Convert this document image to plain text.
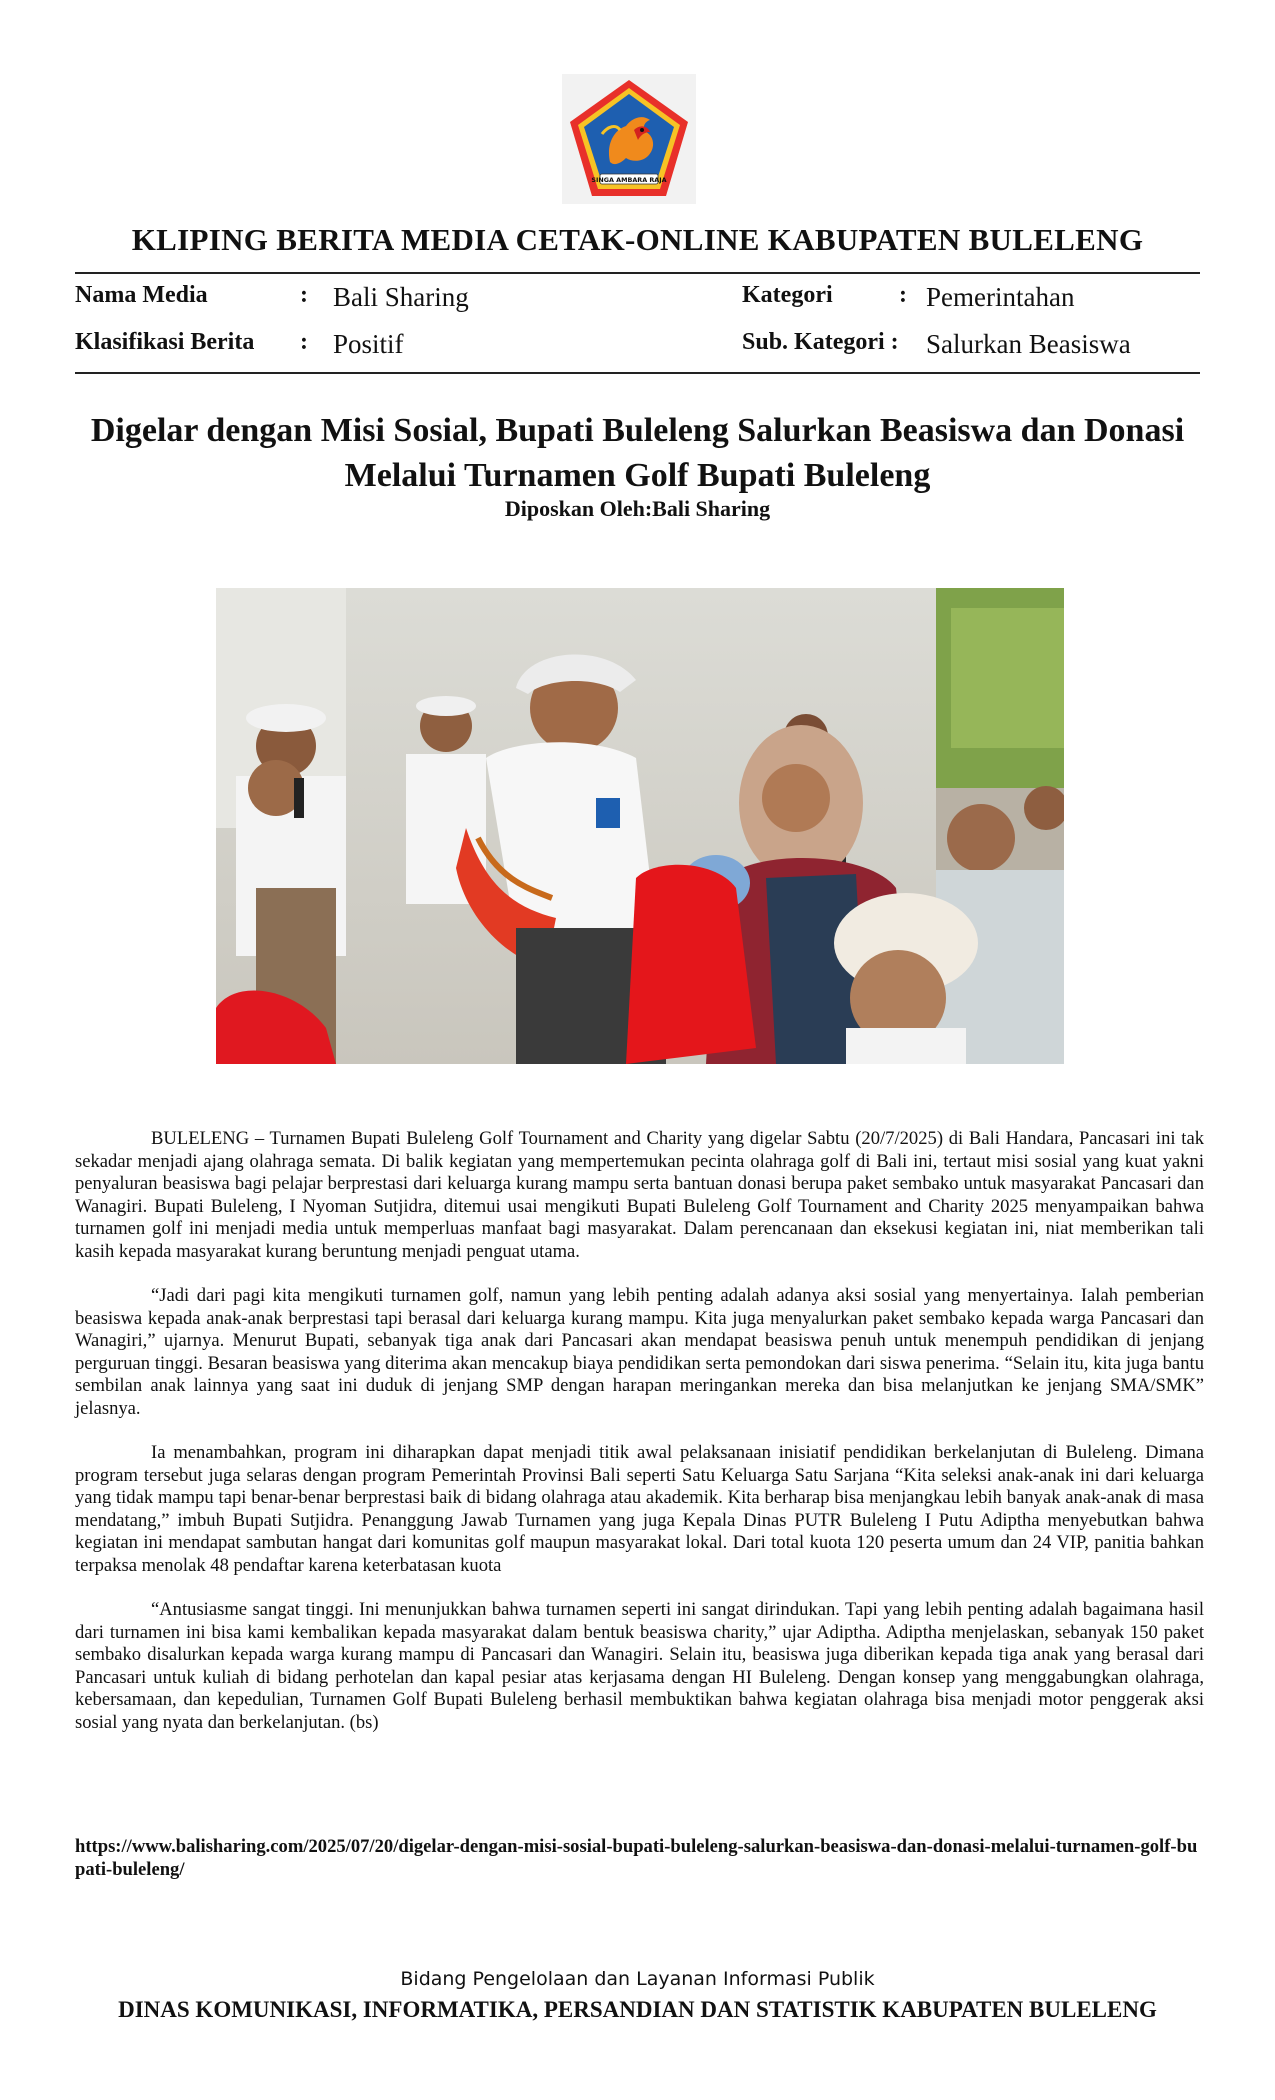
SINGA AMBARA RAJA
KLIPING BERITA MEDIA CETAK-ONLINE KABUPATEN BULELENG
Nama Media	: Bali Sharing	Kategori	: Pemerintahan
Klasifikasi Berita : Positif	Sub. Kategori : Salurkan Beasiswa
Digelar dengan Misi Sosial, Bupati Buleleng Salurkan Beasiswa dan Donasi Melalui Turnamen Golf Bupati Buleleng
Diposkan Oleh:Bali Sharing

BULELENG – Turnamen Bupati Buleleng Golf Tournament and Charity yang digelar Sabtu (20/7/2025) di Bali Handara, Pancasari ini tak sekadar menjadi ajang olahraga semata. Di balik kegiatan yang mempertemukan pecinta olahraga golf di Bali ini, tertaut misi sosial yang kuat yakni penyaluran beasiswa bagi pelajar berprestasi dari keluarga kurang mampu serta bantuan donasi berupa paket sembako untuk masyarakat Pancasari dan Wanagiri. Bupati Buleleng, I Nyoman Sutjidra, ditemui usai mengikuti Bupati Buleleng Golf Tournament and Charity 2025 menyampaikan bahwa turnamen golf ini menjadi media untuk memperluas manfaat bagi masyarakat. Dalam perencanaan dan eksekusi kegiatan ini, niat memberikan tali kasih kepada masyarakat kurang beruntung menjadi penguat utama.

“Jadi dari pagi kita mengikuti turnamen golf, namun yang lebih penting adalah adanya aksi sosial yang menyertainya. Ialah pemberian beasiswa kepada anak-anak berprestasi tapi berasal dari keluarga kurang mampu. Kita juga menyalurkan paket sembako kepada warga Pancasari dan Wanagiri,” ujarnya. Menurut Bupati, sebanyak tiga anak dari Pancasari akan mendapat beasiswa penuh untuk menempuh pendidikan di jenjang perguruan tinggi. Besaran beasiswa yang diterima akan mencakup biaya pendidikan serta pemondokan dari siswa penerima. “Selain itu, kita juga bantu sembilan anak lainnya yang saat ini duduk di jenjang SMP dengan harapan meringankan mereka dan bisa melanjutkan ke jenjang SMA/SMK” jelasnya.

Ia menambahkan, program ini diharapkan dapat menjadi titik awal pelaksanaan inisiatif pendidikan berkelanjutan di Buleleng. Dimana program tersebut juga selaras dengan program Pemerintah Provinsi Bali seperti Satu Keluarga Satu Sarjana “Kita seleksi anak-anak ini dari keluarga yang tidak mampu tapi benar-benar berprestasi baik di bidang olahraga atau akademik. Kita berharap bisa menjangkau lebih banyak anak-anak di masa mendatang,” imbuh Bupati Sutjidra. Penanggung Jawab Turnamen yang juga Kepala Dinas PUTR Buleleng I Putu Adiptha menyebutkan bahwa kegiatan ini mendapat sambutan hangat dari komunitas golf maupun masyarakat lokal. Dari total kuota 120 peserta umum dan 24 VIP, panitia bahkan terpaksa menolak 48 pendaftar karena keterbatasan kuota

“Antusiasme sangat tinggi. Ini menunjukkan bahwa turnamen seperti ini sangat dirindukan. Tapi yang lebih penting adalah bagaimana hasil dari turnamen ini bisa kami kembalikan kepada masyarakat dalam bentuk beasiswa charity,” ujar Adiptha. Adiptha menjelaskan, sebanyak 150 paket sembako disalurkan kepada warga kurang mampu di Pancasari dan Wanagiri. Selain itu, beasiswa juga diberikan kepada tiga anak yang berasal dari Pancasari untuk kuliah di bidang perhotelan dan kapal pesiar atas kerjasama dengan HI Buleleng. Dengan konsep yang menggabungkan olahraga, kebersamaan, dan kepedulian, Turnamen Golf Bupati Buleleng berhasil membuktikan bahwa kegiatan olahraga bisa menjadi motor penggerak aksi sosial yang nyata dan berkelanjutan. (bs)

https://www.balisharing.com/2025/07/20/digelar-dengan-misi-sosial-bupati-buleleng-salurkan-beasiswa-dan-donasi-melalui-turnamen-golf-bupati-buleleng/
Bidang Pengelolaan dan Layanan Informasi Publik
DINAS KOMUNIKASI, INFORMATIKA, PERSANDIAN DAN STATISTIK KABUPATEN BULELENG
